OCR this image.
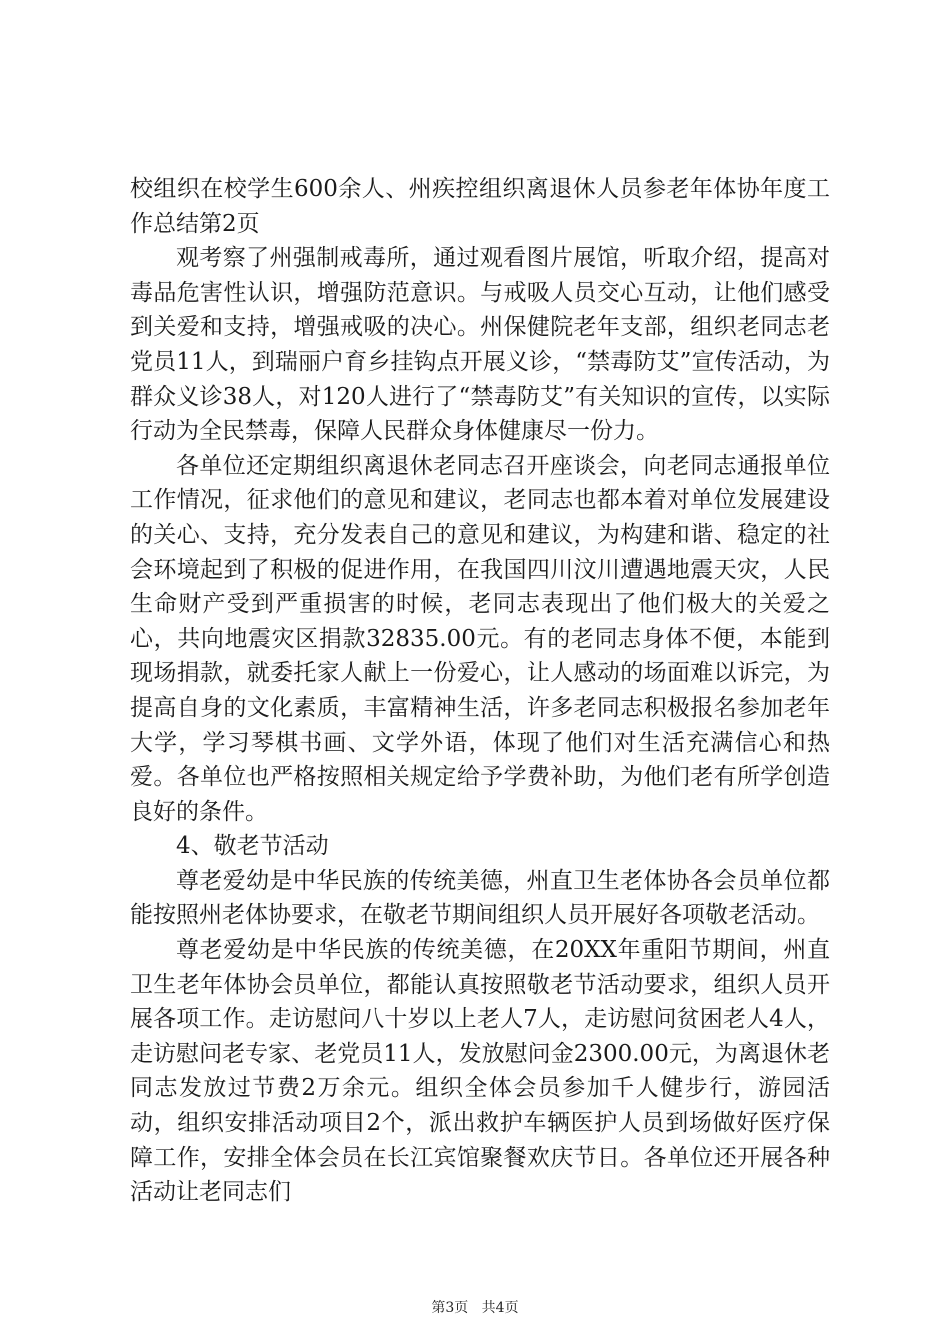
校组织在校学生600余人、州疾控组织离退休人员参老年体协年度工作总结第2页

观考察了州强制戒毒所，通过观看图片展馆，听取介绍，提高对毒品危害性认识，增强防范意识。与戒吸人员交心互动，让他们感受到关爱和支持，增强戒吸的决心。州保健院老年支部，组织老同志老党员11人，到瑞丽户育乡挂钩点开展义诊，“禁毒防艾”宣传活动，为群众义诊38人，对120人进行了“禁毒防艾”有关知识的宣传，以实际行动为全民禁毒，保障人民群众身体健康尽一份力。

各单位还定期组织离退休老同志召开座谈会，向老同志通报单位工作情况，征求他们的意见和建议，老同志也都本着对单位发展建设的关心、支持，充分发表自己的意见和建议，为构建和谐、稳定的社会环境起到了积极的促进作用，在我国四川汶川遭遇地震天灾，人民生命财产受到严重损害的时候，老同志表现出了他们极大的关爱之心，共向地震灾区捐款32835.00元。有的老同志身体不便，本能到现场捐款，就委托家人献上一份爱心，让人感动的场面难以诉完，为提高自身的文化素质，丰富精神生活，许多老同志积极报名参加老年大学，学习琴棋书画、文学外语，体现了他们对生活充满信心和热爱。各单位也严格按照相关规定给予学费补助，为他们老有所学创造良好的条件。

4、敬老节活动

尊老爱幼是中华民族的传统美德，州直卫生老体协各会员单位都能按照州老体协要求，在敬老节期间组织人员开展好各项敬老活动。

尊老爱幼是中华民族的传统美德，在20XX年重阳节期间，州直卫生老年体协会员单位，都能认真按照敬老节活动要求，组织人员开展各项工作。走访慰问八十岁以上老人7人，走访慰问贫困老人4人，走访慰问老专家、老党员11人，发放慰问金2300.00元，为离退休老同志发放过节费2万余元。组织全体会员参加千人健步行，游园活动，组织安排活动项目2个，派出救护车辆医护人员到场做好医疗保障工作，安排全体会员在长江宾馆聚餐欢庆节日。各单位还开展各种活动让老同志们

第3页 共4页
